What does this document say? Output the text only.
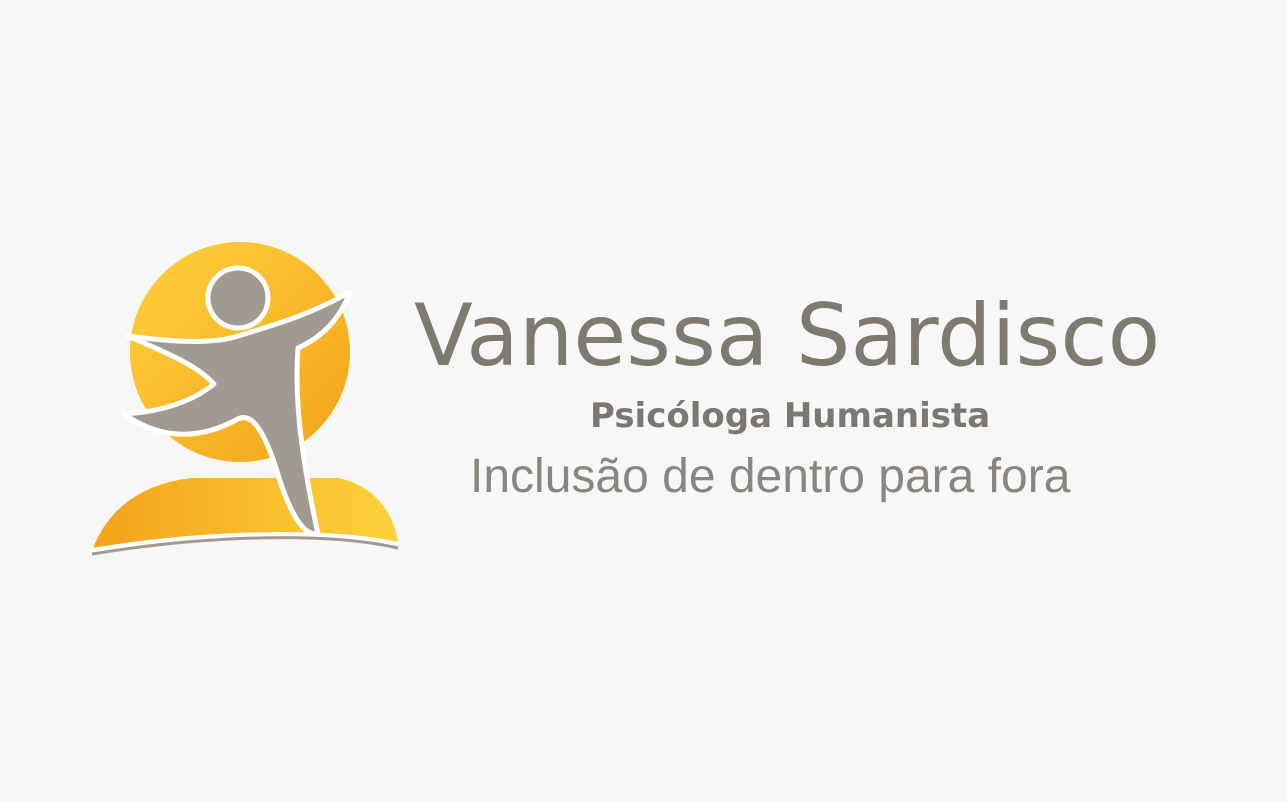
Vanessa Sardisco
Psicóloga Humanista
Inclusão de dentro para fora
